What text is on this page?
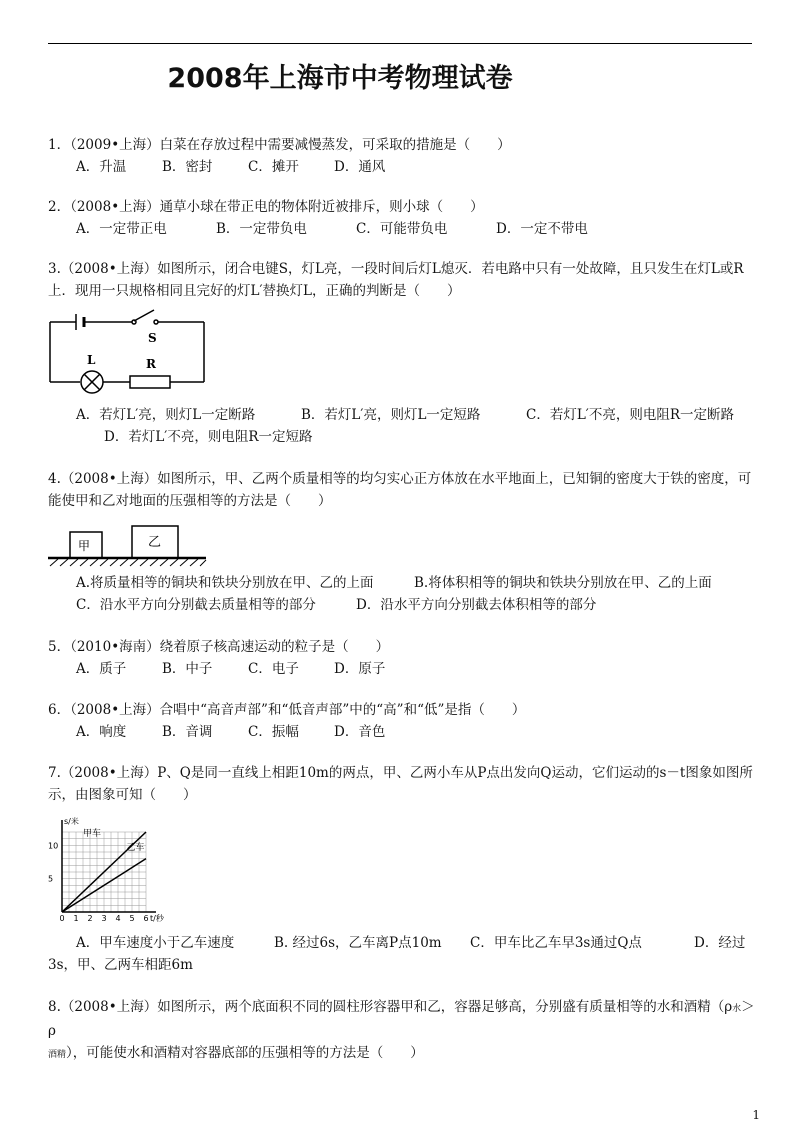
2008年上海市中考物理试卷
1．（2009•上海）白菜在存放过程中需要减慢蒸发，可采取的措施是（　　）
A．升温	B．密封	C．摊开	D．通风
2．（2008•上海）通草小球在带正电的物体附近被排斥，则小球（　　）
A．一定带正电	B．一定带负电	C．可能带负电	D．一定不带电
3.（2008•上海）如图所示，闭合电键S，灯L亮，一段时间后灯L熄灭．若电路中只有一处故障，且只发生在灯L或R
上．现用一只规格相同且完好的灯L′替换灯L，正确的判断是（　　）
S
L	R
A．若灯L′亮，则灯L一定断路	B．若灯L′亮，则灯L一定短路	C．若灯L′不亮，则电阻R一定断路
D．若灯L′不亮，则电阻R一定短路
4.（2008•上海）如图所示，甲、乙两个质量相等的均匀实心正方体放在水平地面上，已知铜的密度大于铁的密度，可
能使甲和乙对地面的压强相等的方法是（　　）
甲	乙
A.将质量相等的铜块和铁块分别放在甲、乙的上面	B.将体积相等的铜块和铁块分别放在甲、乙的上面
C．沿水平方向分别截去质量相等的部分	D．沿水平方向分别截去体积相等的部分
5．（2010•海南）绕着原子核高速运动的粒子是（　　）
A．质子	B．中子	C．电子	D．原子
6．（2008•上海）合唱中“高音声部”和“低音声部”中的“高”和“低”是指（　　）
A．响度	B．音调	C．振幅	D．音色
7.（2008•上海）P、Q是同一直线上相距10m的两点，甲、乙两小车从P点出发向Q运动，它们运动的s－t图象如图所
示，由图象可知（　　）
0 1 2 3 4 5 6
5
10
t/秒
s/米
甲车
乙车
A．甲车速度小于乙车速度	B. 经过6s，乙车离P点10m	C．甲车比乙车早3s通过Q点	D．经过
3s，甲、乙两车相距6m
8.（2008•上海）如图所示，两个底面积不同的圆柱形容器甲和乙，容器足够高，分别盛有质量相等的水和酒精（ρ水＞ρ
酒精），可能使水和酒精对容器底部的压强相等的方法是（　　）
1
